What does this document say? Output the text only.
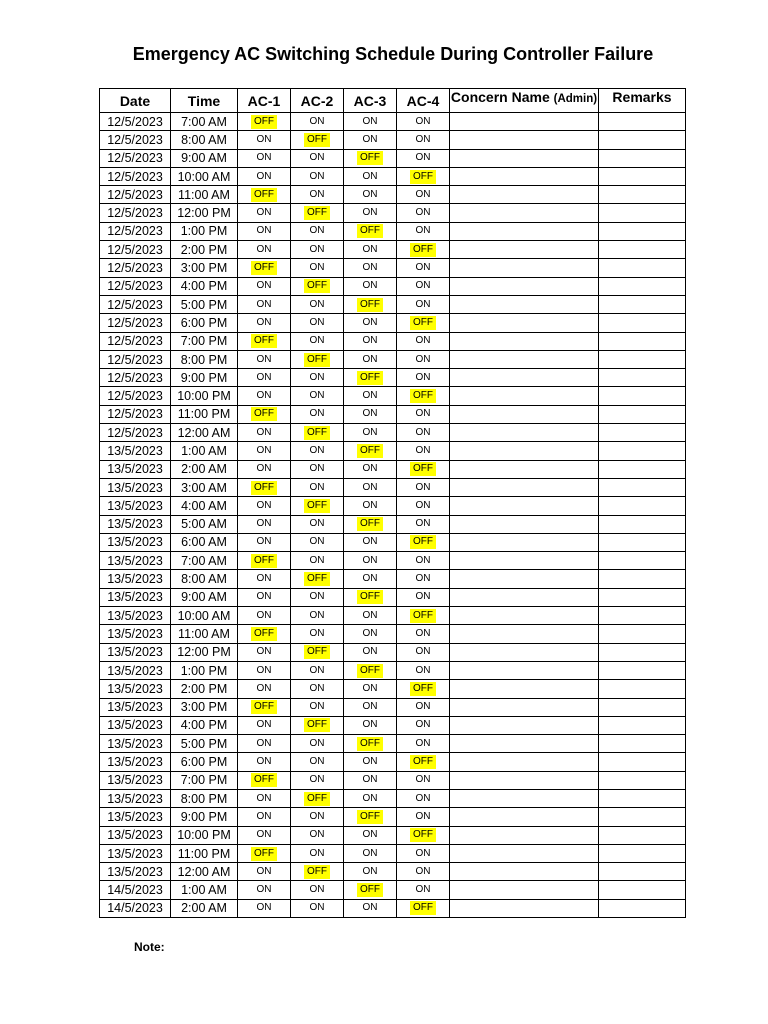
Emergency AC Switching Schedule During Controller Failure
Date	Time	AC-1	AC-2	AC-3	AC-4	Concern Name (Admin)	Remarks
12/5/2023	7:00 AM	OFF	ON	ON	ON		
12/5/2023	8:00 AM	ON	OFF	ON	ON		
12/5/2023	9:00 AM	ON	ON	OFF	ON		
12/5/2023	10:00 AM	ON	ON	ON	OFF		
12/5/2023	11:00 AM	OFF	ON	ON	ON		
12/5/2023	12:00 PM	ON	OFF	ON	ON		
12/5/2023	1:00 PM	ON	ON	OFF	ON		
12/5/2023	2:00 PM	ON	ON	ON	OFF		
12/5/2023	3:00 PM	OFF	ON	ON	ON		
12/5/2023	4:00 PM	ON	OFF	ON	ON		
12/5/2023	5:00 PM	ON	ON	OFF	ON		
12/5/2023	6:00 PM	ON	ON	ON	OFF		
12/5/2023	7:00 PM	OFF	ON	ON	ON		
12/5/2023	8:00 PM	ON	OFF	ON	ON		
12/5/2023	9:00 PM	ON	ON	OFF	ON		
12/5/2023	10:00 PM	ON	ON	ON	OFF		
12/5/2023	11:00 PM	OFF	ON	ON	ON		
12/5/2023	12:00 AM	ON	OFF	ON	ON		
13/5/2023	1:00 AM	ON	ON	OFF	ON		
13/5/2023	2:00 AM	ON	ON	ON	OFF		
13/5/2023	3:00 AM	OFF	ON	ON	ON		
13/5/2023	4:00 AM	ON	OFF	ON	ON		
13/5/2023	5:00 AM	ON	ON	OFF	ON		
13/5/2023	6:00 AM	ON	ON	ON	OFF		
13/5/2023	7:00 AM	OFF	ON	ON	ON		
13/5/2023	8:00 AM	ON	OFF	ON	ON		
13/5/2023	9:00 AM	ON	ON	OFF	ON		
13/5/2023	10:00 AM	ON	ON	ON	OFF		
13/5/2023	11:00 AM	OFF	ON	ON	ON		
13/5/2023	12:00 PM	ON	OFF	ON	ON		
13/5/2023	1:00 PM	ON	ON	OFF	ON		
13/5/2023	2:00 PM	ON	ON	ON	OFF		
13/5/2023	3:00 PM	OFF	ON	ON	ON		
13/5/2023	4:00 PM	ON	OFF	ON	ON		
13/5/2023	5:00 PM	ON	ON	OFF	ON		
13/5/2023	6:00 PM	ON	ON	ON	OFF		
13/5/2023	7:00 PM	OFF	ON	ON	ON		
13/5/2023	8:00 PM	ON	OFF	ON	ON		
13/5/2023	9:00 PM	ON	ON	OFF	ON		
13/5/2023	10:00 PM	ON	ON	ON	OFF		
13/5/2023	11:00 PM	OFF	ON	ON	ON		
13/5/2023	12:00 AM	ON	OFF	ON	ON		
14/5/2023	1:00 AM	ON	ON	OFF	ON		
14/5/2023	2:00 AM	ON	ON	ON	OFF		
Note:
